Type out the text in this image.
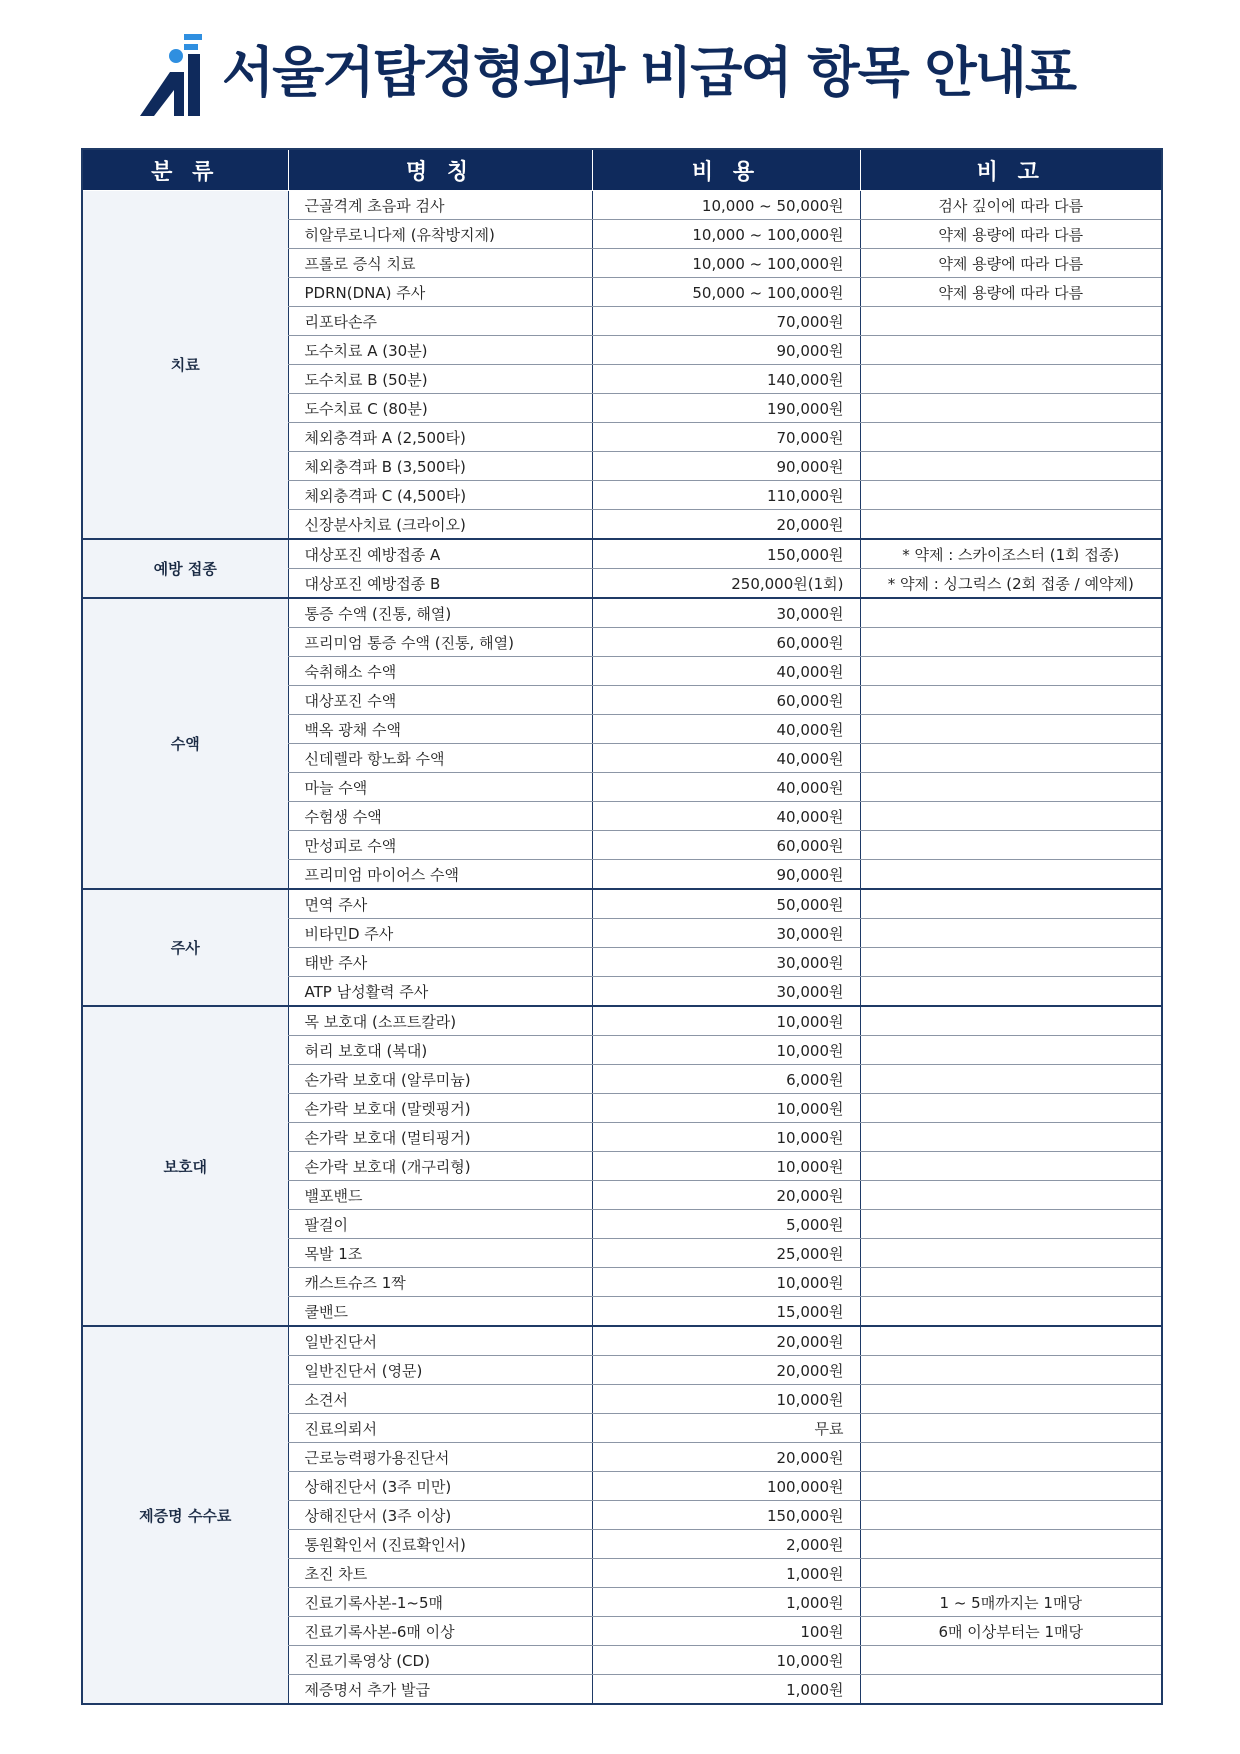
서울거탑정형외과 비급여 항목 안내표
분 류	명 칭	비 용	비 고
치료	근골격계 초음파 검사	10,000 ~ 50,000원	검사 깊이에 따라 다름
	히알루로니다제 (유착방지제)	10,000 ~ 100,000원	약제 용량에 따라 다름
	프롤로 증식 치료	10,000 ~ 100,000원	약제 용량에 따라 다름
	PDRN(DNA) 주사	50,000 ~ 100,000원	약제 용량에 따라 다름
	리포타손주	70,000원	
	도수치료 A (30분)	90,000원	
	도수치료 B (50분)	140,000원	
	도수치료 C (80분)	190,000원	
	체외충격파 A (2,500타)	70,000원	
	체외충격파 B (3,500타)	90,000원	
	체외충격파 C (4,500타)	110,000원	
	신장분사치료 (크라이오)	20,000원	
예방 접종	대상포진 예방접종 A	150,000원	* 약제 : 스카이조스터 (1회 접종)
	대상포진 예방접종 B	250,000원(1회)	* 약제 : 싱그릭스 (2회 접종 / 예약제)
수액	통증 수액 (진통, 해열)	30,000원	
	프리미엄 통증 수액 (진통, 해열)	60,000원	
	숙취해소 수액	40,000원	
	대상포진 수액	60,000원	
	백옥 광채 수액	40,000원	
	신데렐라 항노화 수액	40,000원	
	마늘 수액	40,000원	
	수험생 수액	40,000원	
	만성피로 수액	60,000원	
	프리미엄 마이어스 수액	90,000원	
주사	면역 주사	50,000원	
	비타민D 주사	30,000원	
	태반 주사	30,000원	
	ATP 남성활력 주사	30,000원	
보호대	목 보호대 (소프트칼라)	10,000원	
	허리 보호대 (복대)	10,000원	
	손가락 보호대 (알루미늄)	6,000원	
	손가락 보호대 (말렛핑거)	10,000원	
	손가락 보호대 (멀티핑거)	10,000원	
	손가락 보호대 (개구리형)	10,000원	
	밸포밴드	20,000원	
	팔걸이	5,000원	
	목발 1조	25,000원	
	캐스트슈즈 1짝	10,000원	
	쿨밴드	15,000원	
제증명 수수료	일반진단서	20,000원	
	일반진단서 (영문)	20,000원	
	소견서	10,000원	
	진료의뢰서	무료	
	근로능력평가용진단서	20,000원	
	상해진단서 (3주 미만)	100,000원	
	상해진단서 (3주 이상)	150,000원	
	통원확인서 (진료확인서)	2,000원	
	초진 차트	1,000원	
	진료기록사본-1~5매	1,000원	1 ~ 5매까지는 1매당
	진료기록사본-6매 이상	100원	6매 이상부터는 1매당
	진료기록영상 (CD)	10,000원	
	제증명서 추가 발급	1,000원	
